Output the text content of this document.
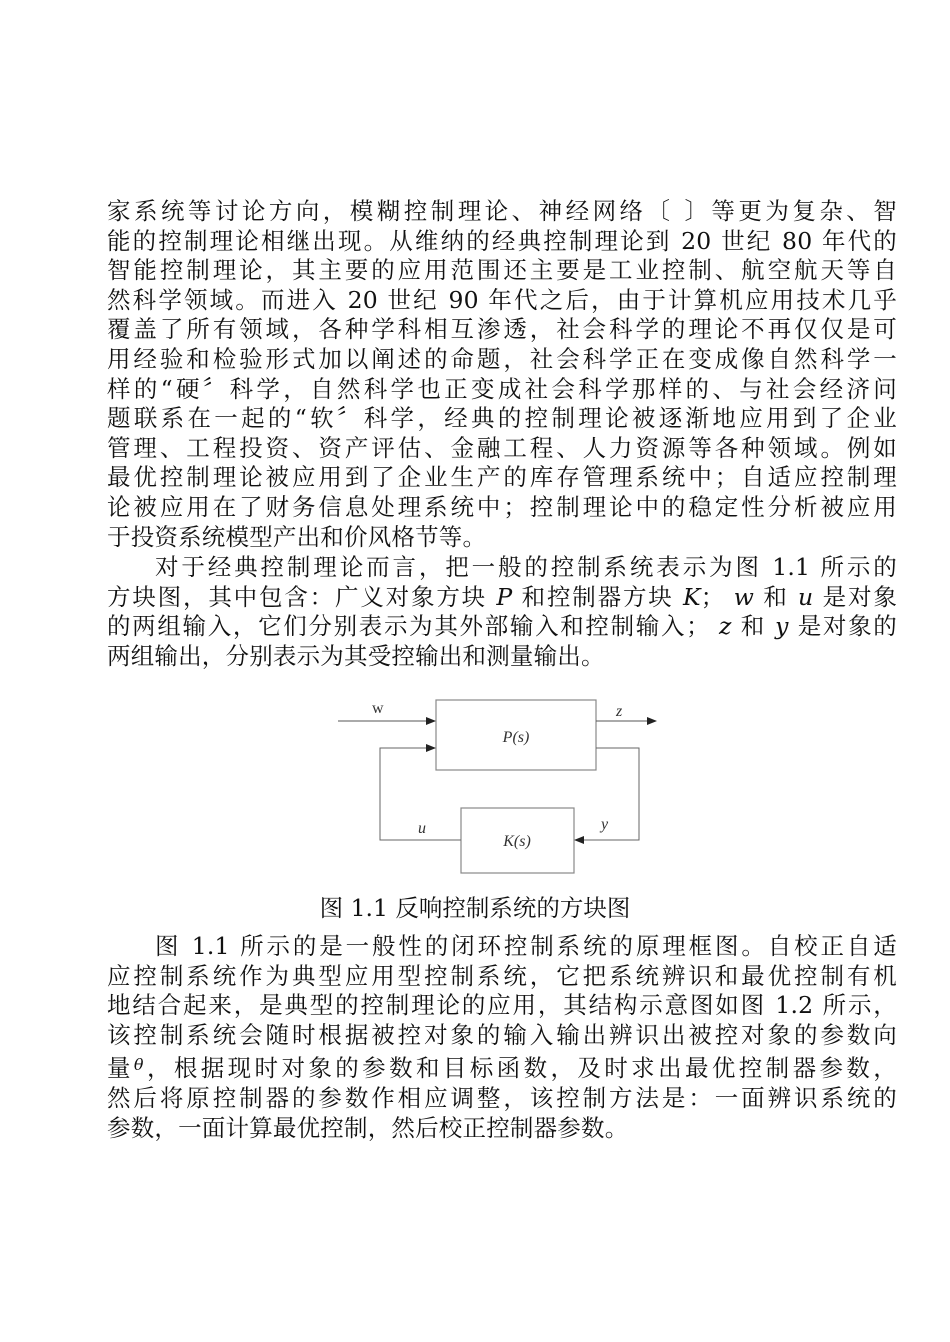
家系统等讨论方向，模糊控制理论、神经网络〔 〕等更为复杂、智
能的控制理论相继出现。从维纳的经典控制理论到 20 世纪 80 年代的
智能控制理论，其主要的应用范围还主要是工业控制、航空航天等自
然科学领域。而进入 20 世纪 90 年代之后，由于计算机应用技术几乎
覆盖了所有领域，各种学科相互渗透，社会科学的理论不再仅仅是可
用经验和检验形式加以阐述的命题，社会科学正在变成像自然科学一
样的“硬〞科学，自然科学也正变成社会科学那样的、与社会经济问
题联系在一起的“软〞科学，经典的控制理论被逐渐地应用到了企业
管理、工程投资、资产评估、金融工程、人力资源等各种领域。例如
最优控制理论被应用到了企业生产的库存管理系统中；自适应控制理
论被应用在了财务信息处理系统中；控制理论中的稳定性分析被应用
于投资系统模型产出和价风格节等。

对于经典控制理论而言，把一般的控制系统表示为图 1.1 所示的
方块图，其中包含：广义对象方块 P 和控制器方块 K； w 和 u 是对象
的两组输入，它们分别表示为其外部输入和控制输入； z 和 y 是对象的
两组输出，分别表示为其受控输出和测量输出。

w	z
u	y
P(s)
K(s)
图 1.1 反响控制系统的方块图

图 1.1 所示的是一般性的闭环控制系统的原理框图。自校正自适
应控制系统作为典型应用型控制系统，它把系统辨识和最优控制有机
地结合起来，是典型的控制理论的应用，其结构示意图如图 1.2 所示，
该控制系统会随时根据被控对象的输入输出辨识出被控对象的参数向
量$^\theta$，根据现时对象的参数和目标函数，及时求出最优控制器参数，
然后将原控制器的参数作相应调整，该控制方法是：一面辨识系统的
参数，一面计算最优控制，然后校正控制器参数。
